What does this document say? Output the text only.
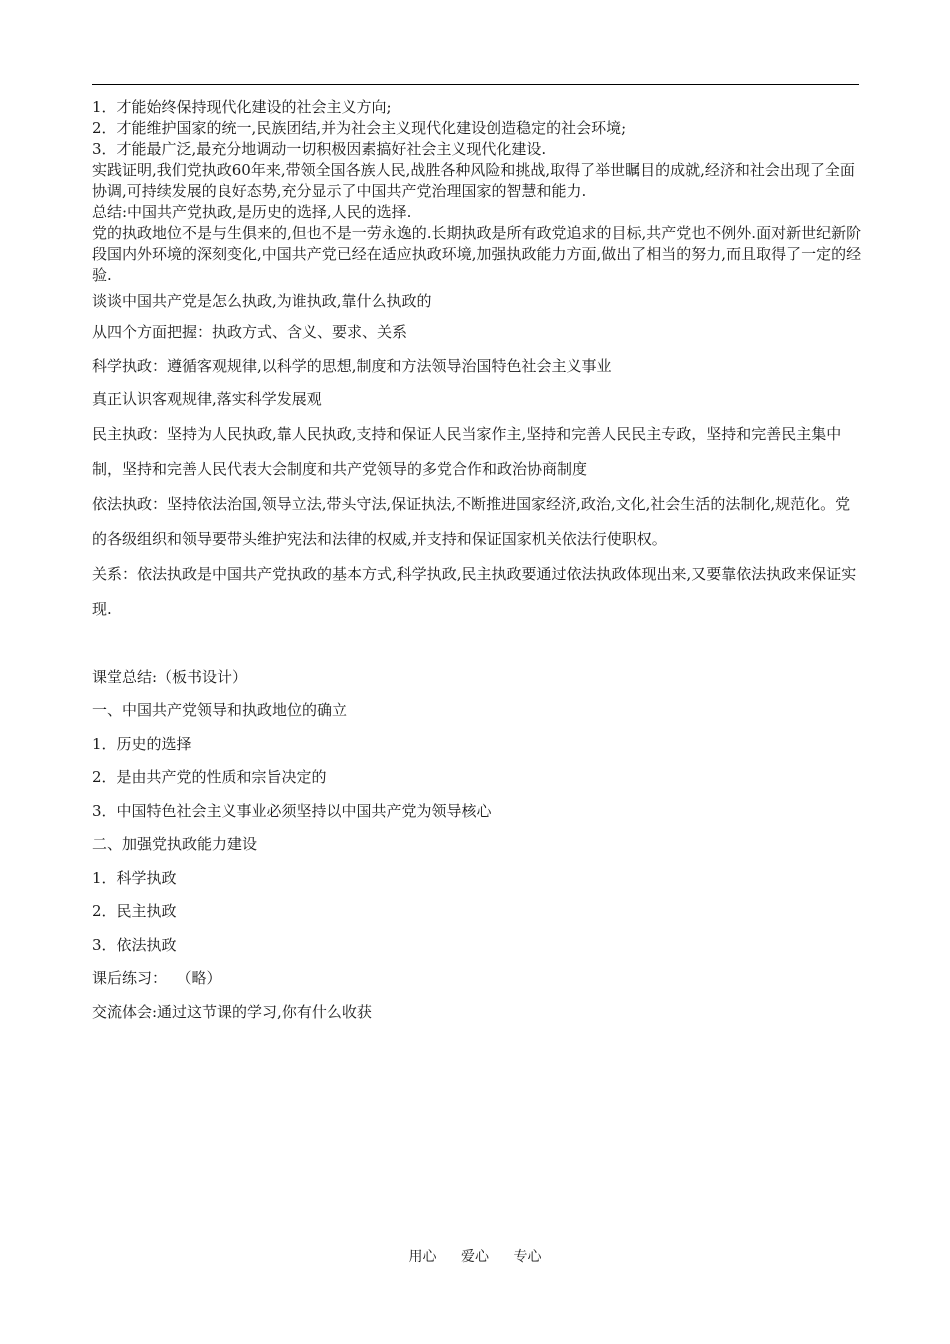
1．才能始终保持现代化建设的社会主义方向;

2．才能维护国家的统一,民族团结,并为社会主义现代化建设创造稳定的社会环境;

3．才能最广泛,最充分地调动一切积极因素搞好社会主义现代化建设.

实践证明,我们党执政60年来,带领全国各族人民,战胜各种风险和挑战,取得了举世瞩目的成就,经济和社会出现了全面协调,可持续发展的良好态势,充分显示了中国共产党治理国家的智慧和能力.

总结:中国共产党执政,是历史的选择,人民的选择.

党的执政地位不是与生俱来的,但也不是一劳永逸的.长期执政是所有政党追求的目标,共产党也不例外.面对新世纪新阶段国内外环境的深刻变化,中国共产党已经在适应执政环境,加强执政能力方面,做出了相当的努力,而且取得了一定的经验.

谈谈中国共产党是怎么执政,为谁执政,靠什么执政的

从四个方面把握：执政方式、含义、要求、关系

科学执政：遵循客观规律,以科学的思想,制度和方法领导治国特色社会主义事业

真正认识客观规律,落实科学发展观

民主执政：坚持为人民执政,靠人民执政,支持和保证人民当家作主,坚持和完善人民民主专政，坚持和完善民主集中制，坚持和完善人民代表大会制度和共产党领导的多党合作和政治协商制度

依法执政：坚持依法治国,领导立法,带头守法,保证执法,不断推进国家经济,政治,文化,社会生活的法制化,规范化。党的各级组织和领导要带头维护宪法和法律的权威,并支持和保证国家机关依法行使职权。

关系：依法执政是中国共产党执政的基本方式,科学执政,民主执政要通过依法执政体现出来,又要靠依法执政来保证实现.

课堂总结:（板书设计）

一、中国共产党领导和执政地位的确立

1．历史的选择

2．是由共产党的性质和宗旨决定的

3．中国特色社会主义事业必须坚持以中国共产党为领导核心

二、加强党执政能力建设

1．科学执政

2．民主执政

3．依法执政

课后练习：  （略）

交流体会:通过这节课的学习,你有什么收获

用心 爱心 专心
